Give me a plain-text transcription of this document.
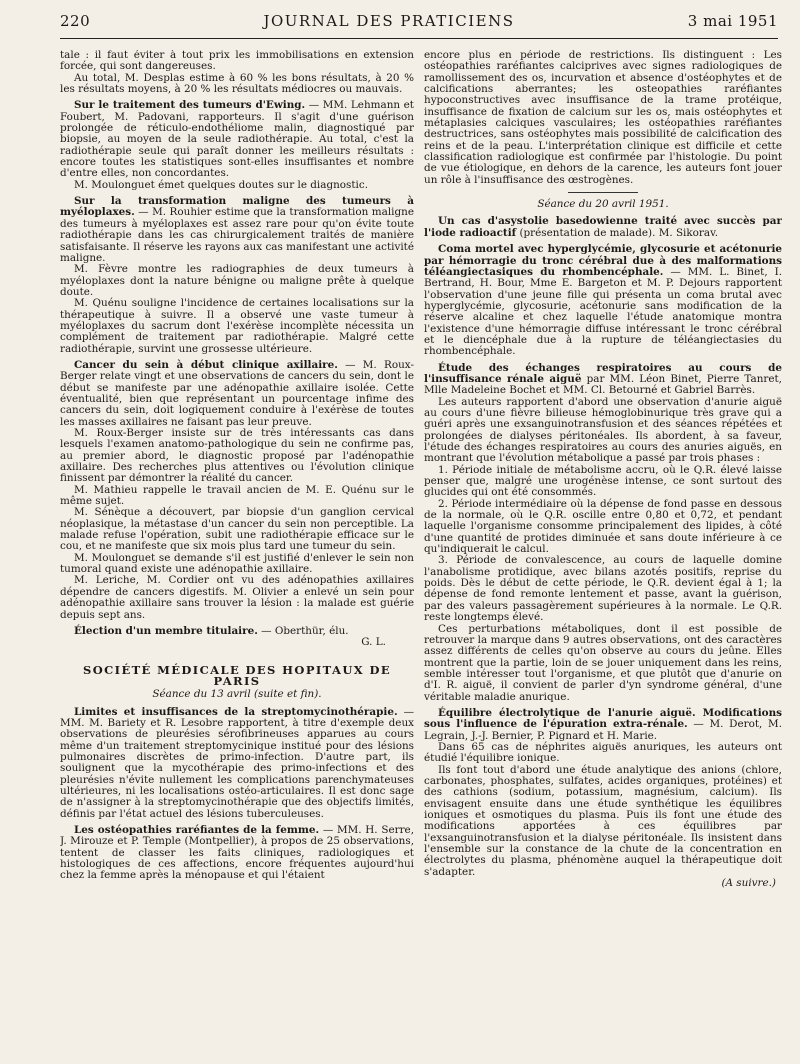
220	JOURNAL DES PRATICIENS	3 mai 1951

tale : il faut éviter à tout prix les immobilisations en extension forcée, qui sont dangereuses.

Au total, M. Desplas estime à 60 % les bons résultats, à 20 % les résultats moyens, à 20 % les résultats médiocres ou mauvais.

Sur le traitement des tumeurs d'Ewing. — MM. Lehmann et Foubert, M. Padovani, rapporteurs. Il s'agit d'une guérison prolongée de réticulo-endothéliome malin, diagnostiqué par biopsie, au moyen de la seule radiothérapie. Au total, c'est la radiothérapie seule qui paraît donner les meilleurs résultats : encore toutes les statistiques sont-elles insuffisantes et nombre d'entre elles, non concordantes.

M. Moulonguet émet quelques doutes sur le diagnostic.

Sur la transformation maligne des tumeurs à myéloplaxes. — M. Rouhier estime que la transformation maligne des tumeurs à myéloplaxes est assez rare pour qu'on évite toute radiothérapie dans les cas chirurgicalement traités de manière satisfaisante. Il réserve les rayons aux cas manifestant une activité maligne.

M. Fèvre montre les radiographies de deux tumeurs à myéloplaxes dont la nature bénigne ou maligne prête à quelque doute.

M. Quénu souligne l'incidence de certaines localisations sur la thérapeutique à suivre. Il a observé une vaste tumeur à myéloplaxes du sacrum dont l'exérèse incomplète nécessita un complément de traitement par radiothérapie. Malgré cette radiothérapie, survint une grossesse ultérieure.

Cancer du sein à début clinique axillaire. — M. Roux-Berger relate vingt et une observations de cancers du sein, dont le début se manifeste par une adénopathie axillaire isolée. Cette éventualité, bien que représentant un pourcentage infime des cancers du sein, doit logiquement conduire à l'exérèse de toutes les masses axillaires ne faisant pas leur preuve.

M. Roux-Berger insiste sur de très intéressants cas dans lesquels l'examen anatomo-pathologique du sein ne confirme pas, au premier abord, le diagnostic proposé par l'adénopathie axillaire. Des recherches plus attentives ou l'évolution clinique finissent par démontrer la réalité du cancer.

M. Mathieu rappelle le travail ancien de M. E. Quénu sur le même sujet.

M. Sénèque a découvert, par biopsie d'un ganglion cervical néoplasique, la métastase d'un cancer du sein non perceptible. La malade refuse l'opération, subit une radiothérapie efficace sur le cou, et ne manifeste que six mois plus tard une tumeur du sein.

M. Moulonguet se demande s'il est justifié d'enlever le sein non tumoral quand existe une adénopathie axillaire.

M. Leriche, M. Cordier ont vu des adénopathies axillaires dépendre de cancers digestifs. M. Olivier a enlevé un sein pour adénopathie axillaire sans trouver la lésion : la malade est guérie depuis sept ans.

Élection d'un membre titulaire. — Oberthür, élu.

G. L.
SOCIÉTÉ MÉDICALE DES HOPITAUX DE PARIS
Séance du 13 avril (suite et fin).

Limites et insuffisances de la streptomycinothérapie. — MM. M. Bariety et R. Lesobre rapportent, à titre d'exemple deux observations de pleurésies sérofibrineuses apparues au cours même d'un traitement streptomycinique institué pour des lésions pulmonaires discrètes de primo-infection. D'autre part, ils soulignent que la mycothérapie des primo-infections et des pleurésies n'évite nullement les complications parenchymateuses ultérieures, ni les localisations ostéo-articulaires. Il est donc sage de n'assigner à la streptomycinothérapie que des objectifs limités, définis par l'état actuel des lésions tuberculeuses.

Les ostéopathies raréfiantes de la femme. — MM. H. Serre, J. Mirouze et P. Temple (Montpellier), à propos de 25 observations, tentent de classer les faits cliniques, radiologiques et histologiques de ces affections, encore fréquentes aujourd'hui chez la femme après la ménopause et qui l'étaient

encore plus en période de restrictions. Ils distinguent : Les ostéopathies raréfiantes calciprives avec signes radiologiques de ramollissement des os, incurvation et absence d'ostéophytes et de calcifications aberrantes; les osteopathies raréfiantes hypoconstructives avec insuffisance de la trame protéique, insuffisance de fixation de calcium sur les os, mais ostéophytes et métaplasies calciques vasculaires; les ostéopathies raréfiantes destructrices, sans ostéophytes mais possibilité de calcification des reins et de la peau. L'interprétation clinique est difficile et cette classification radiologique est confirmée par l'histologie. Du point de vue étiologique, en dehors de la carence, les auteurs font jouer un rôle à l'insuffisance des œstrogènes.

Séance du 20 avril 1951.

Un cas d'asystolie basedowienne traité avec succès par l'iode radioactif (présentation de malade). M. Sikorav.

Coma mortel avec hyperglycémie, glycosurie et acétonurie par hémorragie du tronc cérébral due à des malformations téléangiectasiques du rhombencéphale. — MM. L. Binet, I. Bertrand, H. Bour, Mme E. Bargeton et M. P. Dejours rapportent l'observation d'une jeune fille qui présenta un coma brutal avec hyperglycémie, glycosurie, acétonurie sans modification de la réserve alcaline et chez laquelle l'étude anatomique montra l'existence d'une hémorragie diffuse intéressant le tronc cérébral et le diencéphale due à la rupture de téléangiectasies du rhombencéphale.

Étude des échanges respiratoires au cours de l'insuffisance rénale aiguë par MM. Léon Binet, Pierre Tanret, Mlle Madeleine Bochet et MM. Cl. Betourné et Gabriel Barrès.

Les auteurs rapportent d'abord une observation d'anurie aiguë au cours d'une fièvre bilieuse hémoglobinurique très grave qui a guéri après une exsanguinotransfusion et des séances répétées et prolongées de dialyses péritonéales. Ils abordent, à sa faveur, l'étude des échanges respiratoires au cours des anuries aiguës, en montrant que l'évolution métabolique a passé par trois phases :

1. Période initiale de métabolisme accru, où le Q.R. élevé laisse penser que, malgré une urogénèse intense, ce sont surtout des glucides qui ont été consommés.

2. Période intermédiaire où la dépense de fond passe en dessous de la normale, où le Q.R. oscille entre 0,80 et 0,72, et pendant laquelle l'organisme consomme principalement des lipides, à côté d'une quantité de protides diminuée et sans doute inférieure à ce qu'indiquerait le calcul.

3. Période de convalescence, au cours de laquelle domine l'anabolisme protidique, avec bilans azotés positifs, reprise du poids. Dès le début de cette période, le Q.R. devient égal à 1; la dépense de fond remonte lentement et passe, avant la guérison, par des valeurs passagèrement supérieures à la normale. Le Q.R. reste longtemps élevé.

Ces perturbations métaboliques, dont il est possible de retrouver la marque dans 9 autres observations, ont des caractères assez différents de celles qu'on observe au cours du jeûne. Elles montrent que la partie, loin de se jouer uniquement dans les reins, semble intéresser tout l'organisme, et que plutôt que d'anurie on d'I. R. aiguë, il convient de parler d'yn syndrome général, d'une véritable maladie anurique.

Équilibre électrolytique de l'anurie aiguë. Modifications sous l'influence de l'épuration extra-rénale. — M. Derot, M. Legrain, J.-J. Bernier, P. Pignard et H. Marie.

Dans 65 cas de néphrites aiguës anuriques, les auteurs ont étudié l'équilibre ionique.

Ils font tout d'abord une étude analytique des anions (chlore, carbonates, phosphates, sulfates, acides organiques, protéines) et des cathions (sodium, potassium, magnésium, calcium). Ils envisagent ensuite dans une étude synthétique les équilibres ioniques et osmotiques du plasma. Puis ils font une étude des modifications apportées à ces équilibres par l'exsanguinotransfusion et la dialyse péritonéale. Ils insistent dans l'ensemble sur la constance de la chute de la concentration en électrolytes du plasma, phénomène auquel la thérapeutique doit s'adapter.

(A suivre.)
